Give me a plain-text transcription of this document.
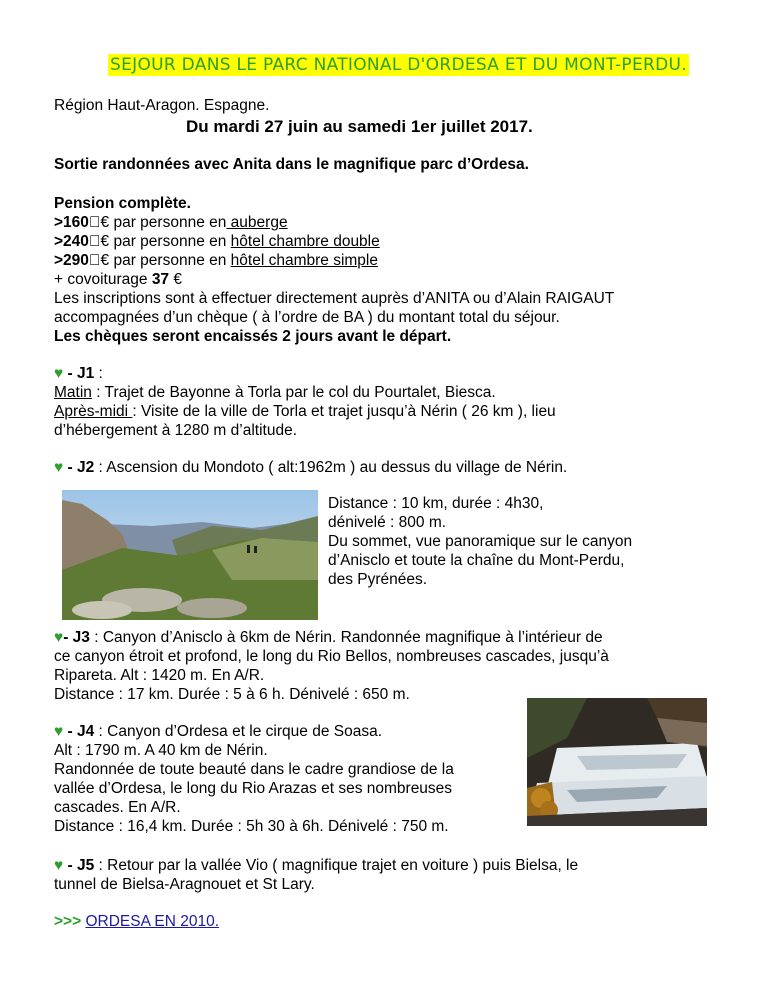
SEJOUR DANS LE PARC NATIONAL D'ORDESA ET DU MONT-PERDU.
Région Haut-Aragon. Espagne.
Du mardi 27 juin au samedi 1er juillet 2017.
Sortie randonnées avec Anita dans le magnifique parc d’Ordesa.
Pension complète.
>160 € par personne en auberge
>240 € par personne en hôtel chambre double
>290 € par personne en hôtel chambre simple
+ covoiturage 37 €
Les inscriptions sont à effectuer directement auprès d’ANITA ou d’Alain RAIGAUT
accompagnées d’un chèque ( à l’ordre de BA ) du montant total du séjour.
Les chèques seront encaissés 2 jours avant le départ.
♥ - J1 :
Matin : Trajet de Bayonne à Torla par le col du Pourtalet, Biesca.
Après-midi : Visite de la ville de Torla et trajet jusqu’à Nérin ( 26 km ), lieu
d’hébergement à 1280 m d’altitude.
♥ - J2 : Ascension du Mondoto ( alt:1962m ) au dessus du village de Nérin.
Distance : 10 km, durée : 4h30,
dénivelé : 800 m.
Du sommet, vue panoramique sur le canyon
d’Anisclo et toute la chaîne du Mont-Perdu,
des Pyrénées.
♥- J3 : Canyon d’Anisclo à 6km de Nérin. Randonnée magnifique à l’intérieur de
ce canyon étroit et profond, le long du Rio Bellos, nombreuses cascades, jusqu’à
Ripareta. Alt : 1420 m. En A/R.
Distance : 17 km. Durée : 5 à 6 h. Dénivelé : 650 m.
♥ - J4 : Canyon d’Ordesa et le cirque de Soasa.
Alt : 1790 m. A 40 km de Nérin.
Randonnée de toute beauté dans le cadre grandiose de la
vallée d’Ordesa, le long du Rio Arazas et ses nombreuses
cascades. En A/R.
Distance : 16,4 km. Durée : 5h 30 à 6h. Dénivelé : 750 m.
♥ - J5 : Retour par la vallée Vio ( magnifique trajet en voiture ) puis Bielsa, le
tunnel de Bielsa-Aragnouet et St Lary.
>>> ORDESA EN 2010.
